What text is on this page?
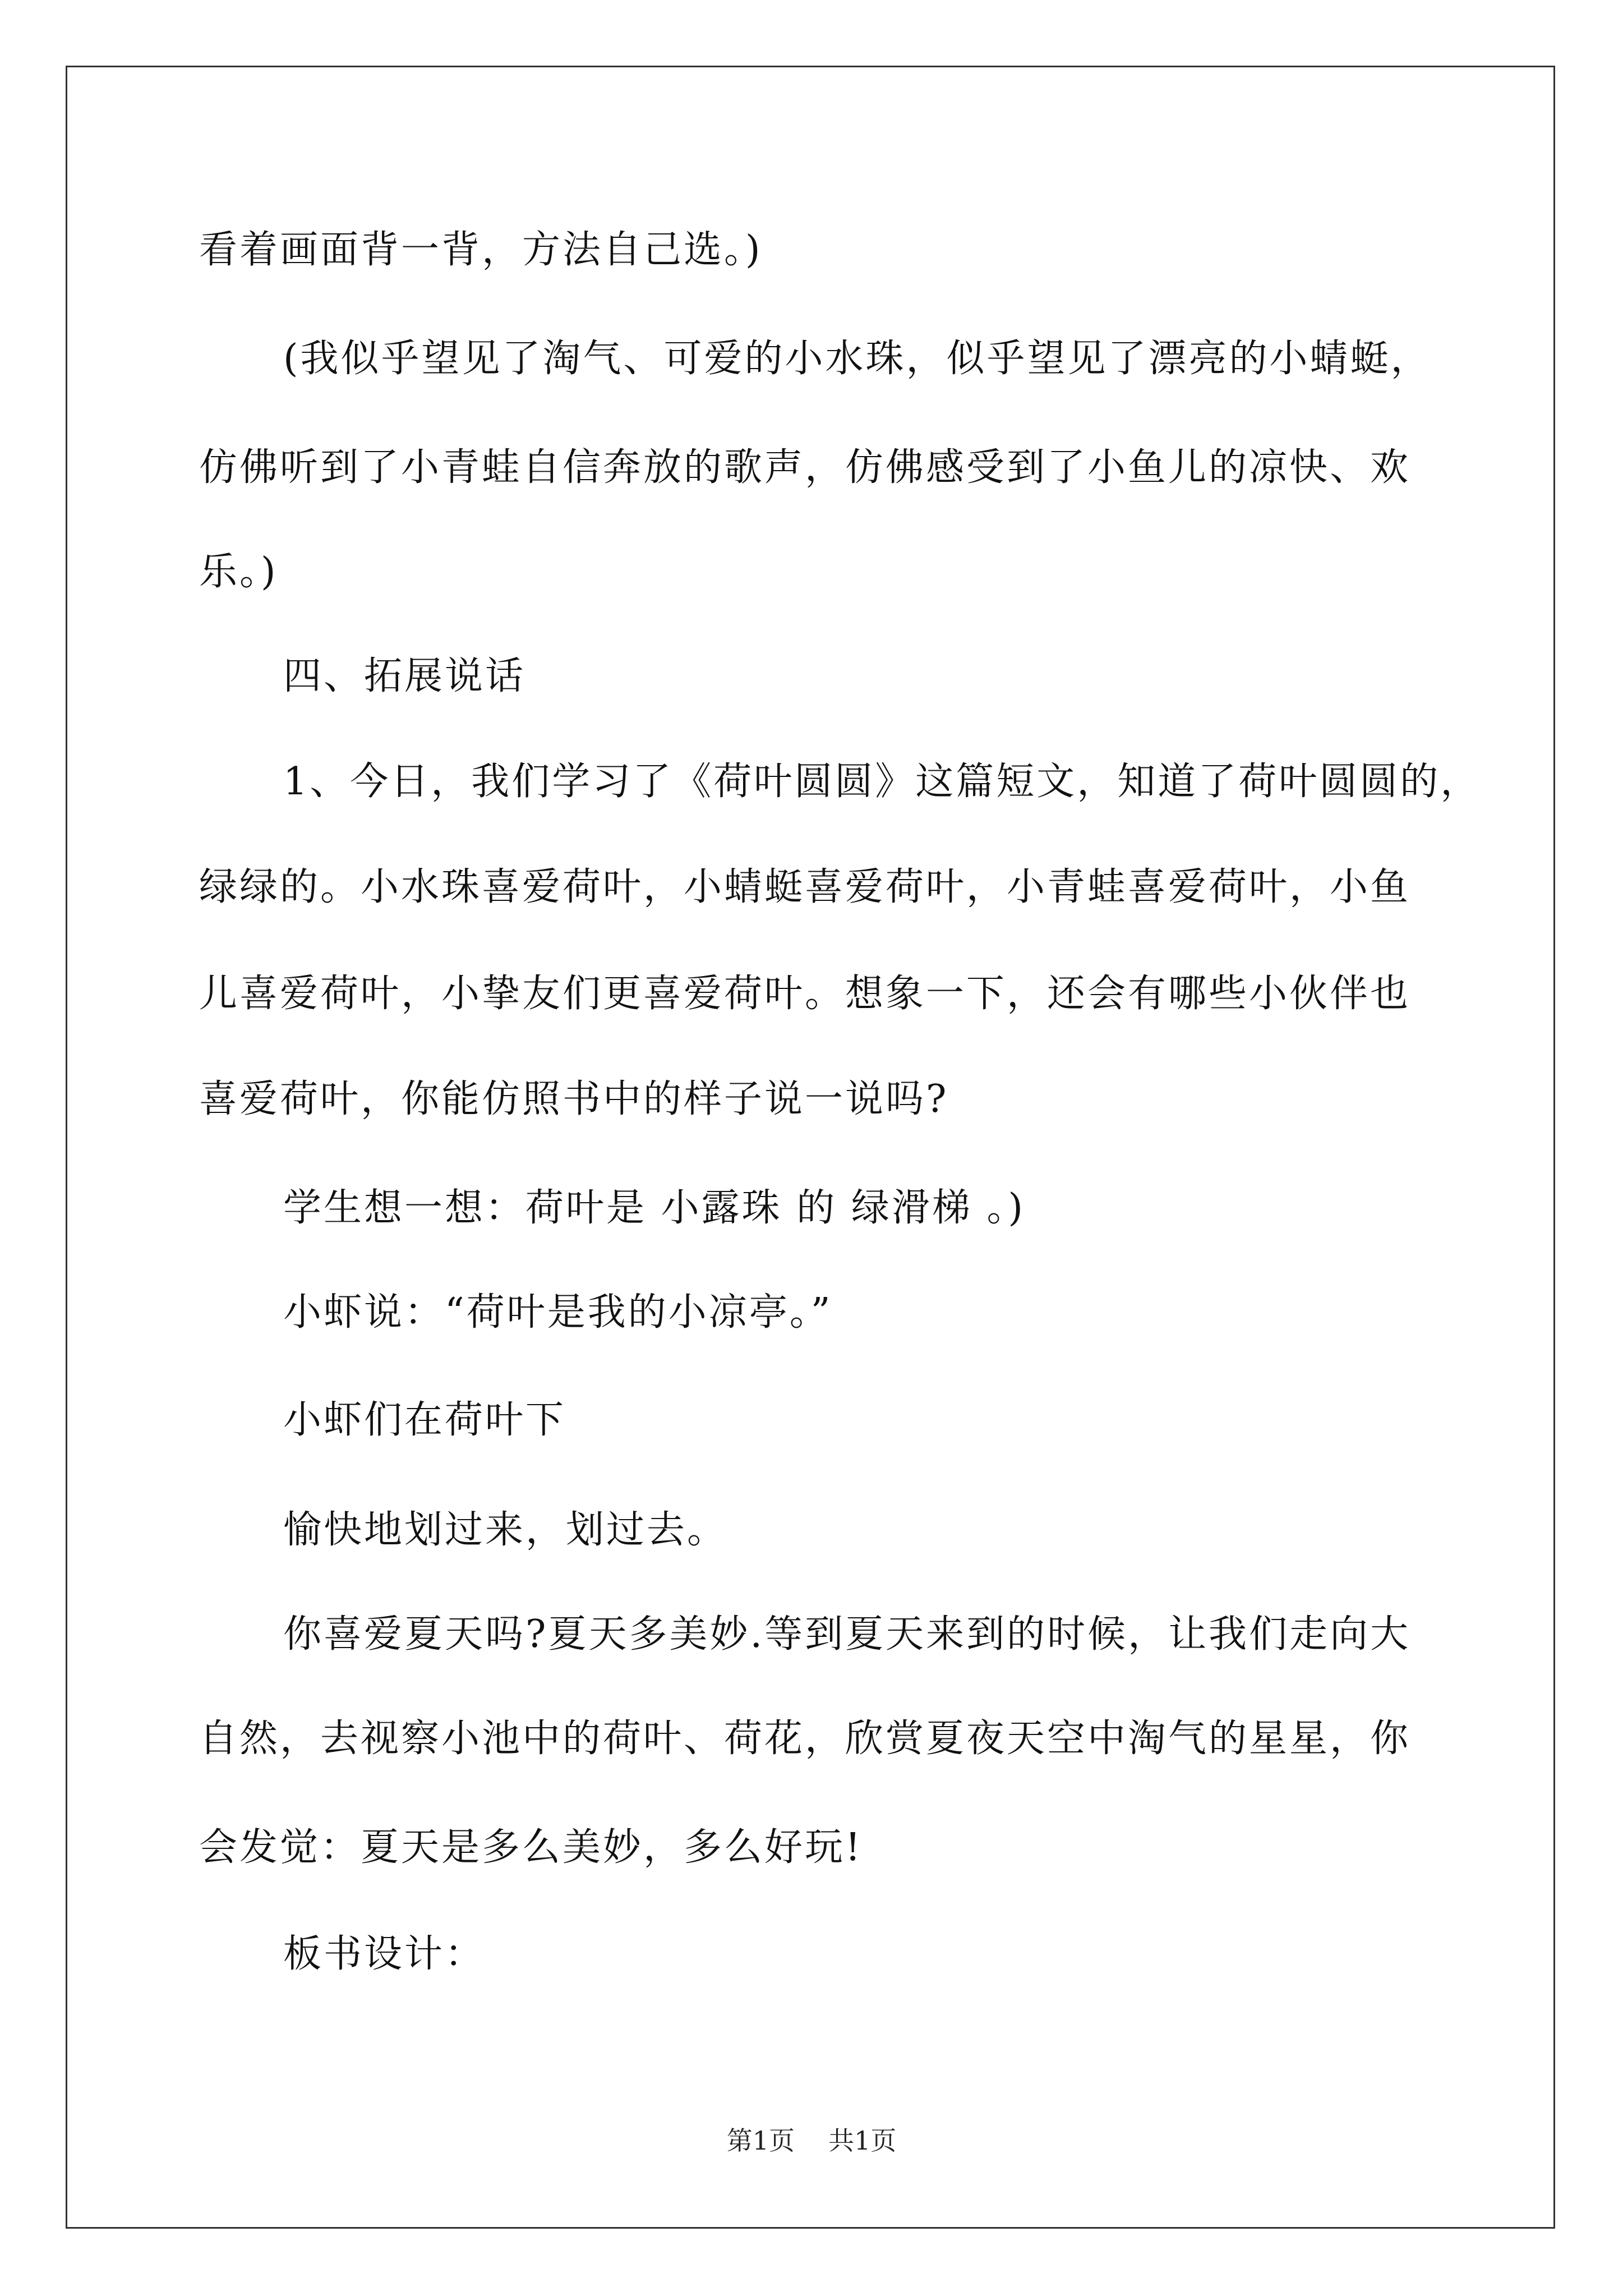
看着画面背一背，方法自己选。)
(我似乎望见了淘气、可爱的小水珠，似乎望见了漂亮的小蜻蜓，
仿佛听到了小青蛙自信奔放的歌声，仿佛感受到了小鱼儿的凉快、欢
乐。)
四、拓展说话
1、今日，我们学习了《荷叶圆圆》这篇短文，知道了荷叶圆圆的，
绿绿的。小水珠喜爱荷叶，小蜻蜓喜爱荷叶，小青蛙喜爱荷叶，小鱼
儿喜爱荷叶，小挚友们更喜爱荷叶。想象一下，还会有哪些小伙伴也
喜爱荷叶，你能仿照书中的样子说一说吗?
学生想一想：荷叶是 小露珠 的 绿滑梯 。)
小虾说：“荷叶是我的小凉亭。”
小虾们在荷叶下
愉快地划过来，划过去。
你喜爱夏天吗?夏天多美妙.等到夏天来到的时候，让我们走向大
自然，去视察小池中的荷叶、荷花，欣赏夏夜天空中淘气的星星，你
会发觉：夏天是多么美妙，多么好玩!
板书设计：
第1页 共1页
